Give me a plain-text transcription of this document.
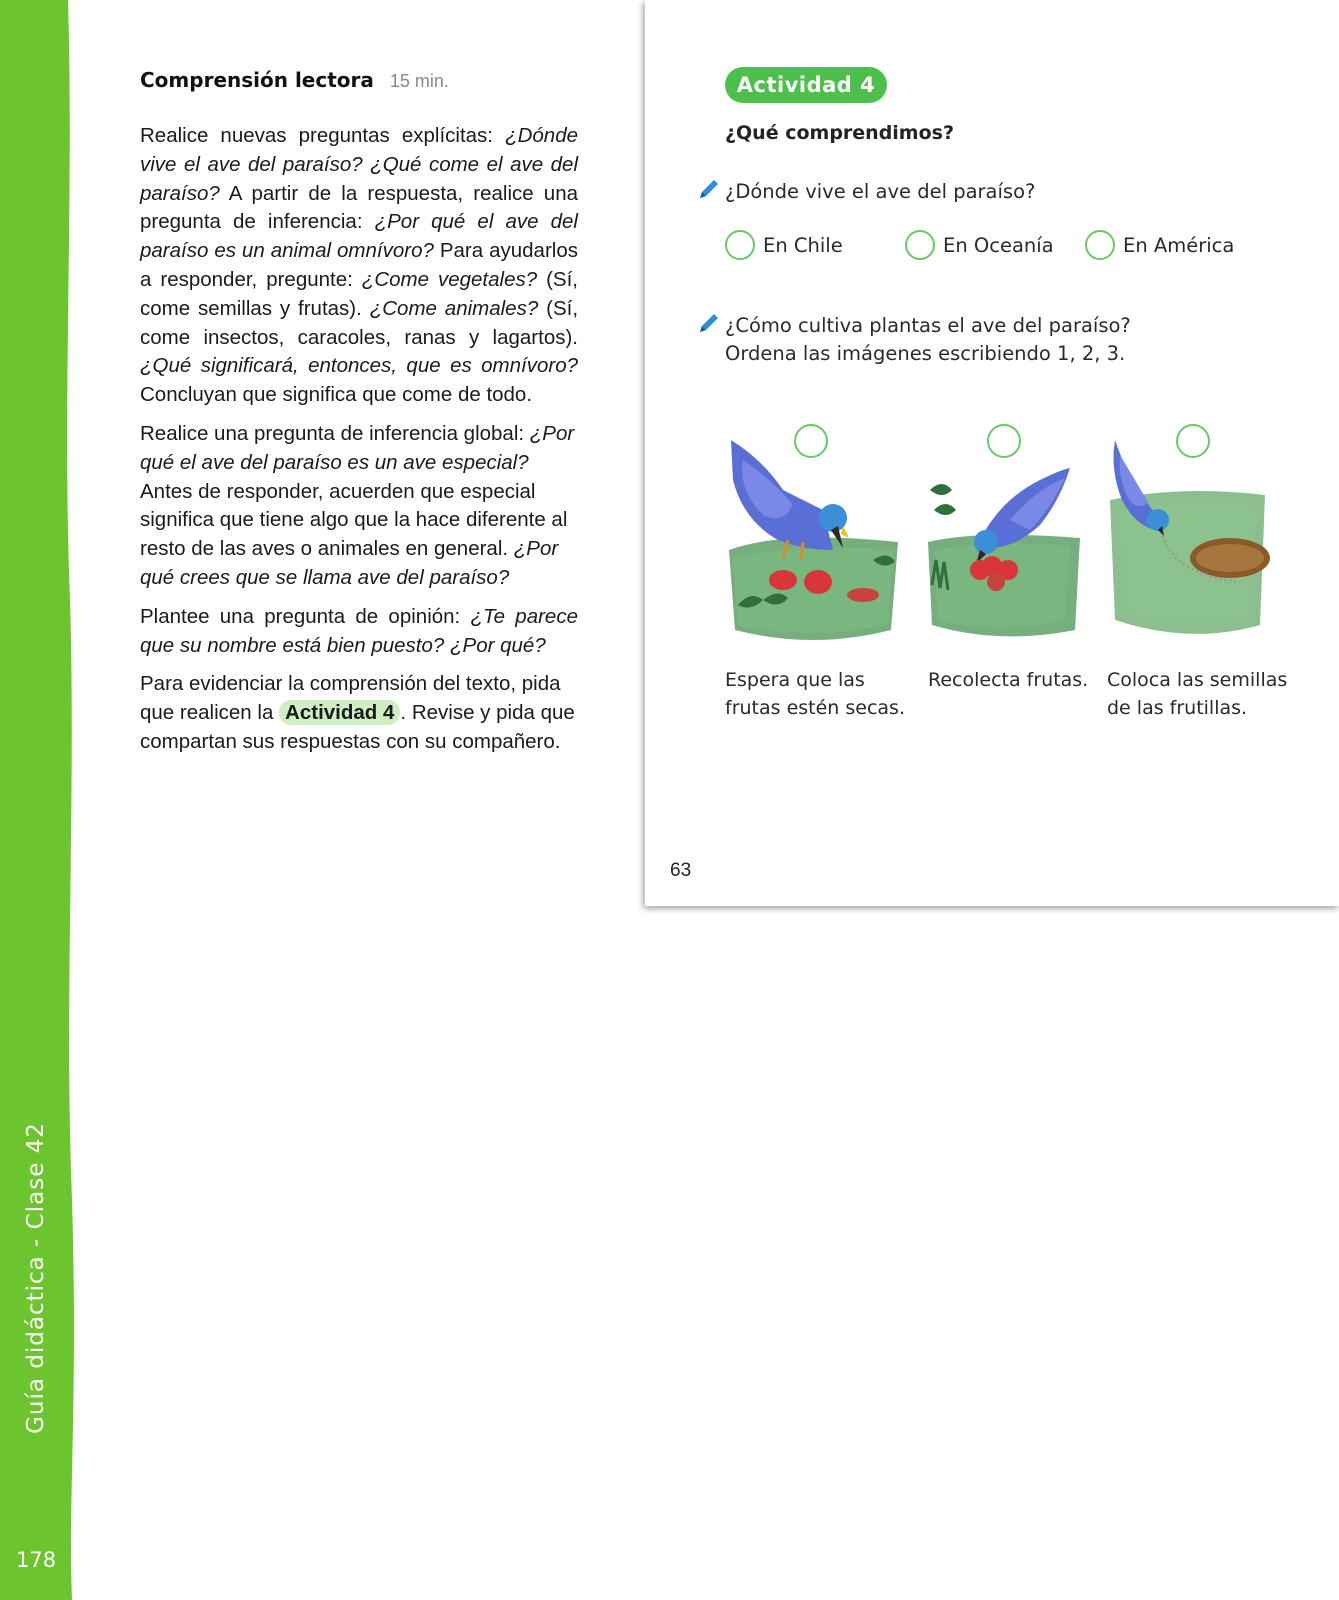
Guía didáctica - Clase 42
178
Comprensión lectora 15 min.

Realice nuevas preguntas explícitas: ¿Dónde vive el ave del paraíso? ¿Qué come el ave del paraíso? A partir de la respuesta, realice una pregunta de inferencia: ¿Por qué el ave del paraíso es un animal omnívoro? Para ayudarlos a responder, pregunte: ¿Come vegetales? (Sí, come semillas y frutas). ¿Come animales? (Sí, come insectos, caracoles, ranas y lagartos). ¿Qué significará, entonces, que es omnívoro? Concluyan que significa que come de todo.

Realice una pregunta de inferencia global: ¿Por qué el ave del paraíso es un ave especial? Antes de responder, acuerden que especial significa que tiene algo que la hace diferente al resto de las aves o animales en general. ¿Por qué crees que se llama ave del paraíso?

Plantee una pregunta de opinión: ¿Te parece que su nombre está bien puesto? ¿Por qué?

Para evidenciar la comprensión del texto, pida que realicen la Actividad 4 . Revise y pida que compartan sus respuestas con su compañero.

Actividad 4
¿Qué comprendimos?
¿Dónde vive el ave del paraíso?
En Chile	En Oceanía	En América
¿Cómo cultiva plantas el ave del paraíso?
Ordena las imágenes escribiendo 1, 2, 3.
Espera que las
frutas estén secas.
Recolecta frutas. Coloca las semillas
de las frutillas.
63
